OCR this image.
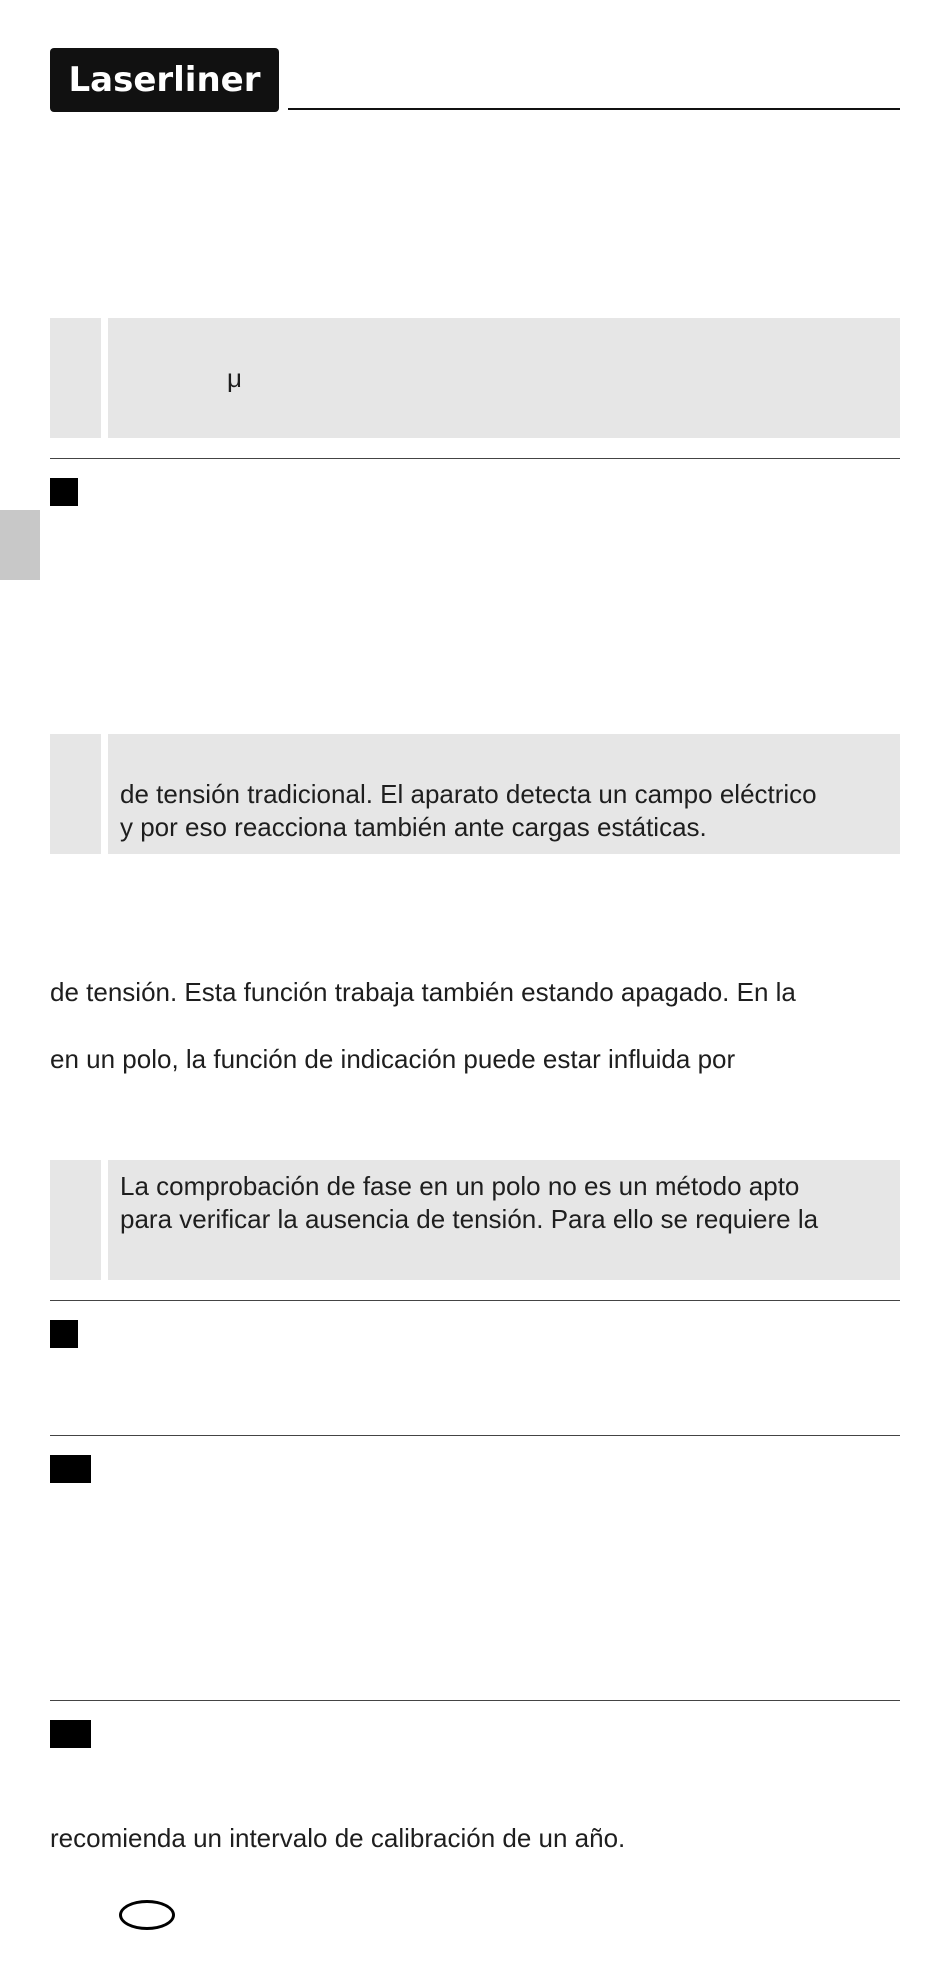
Laserliner
μ
de tensión tradicional. El aparato detecta un campo eléctrico
y por eso reacciona también ante cargas estáticas.
de tensión. Esta función trabaja también estando apagado. En la
en un polo, la función de indicación puede estar influida por
La comprobación de fase en un polo no es un método apto
para verificar la ausencia de tensión. Para ello se requiere la
recomienda un intervalo de calibración de un año.
